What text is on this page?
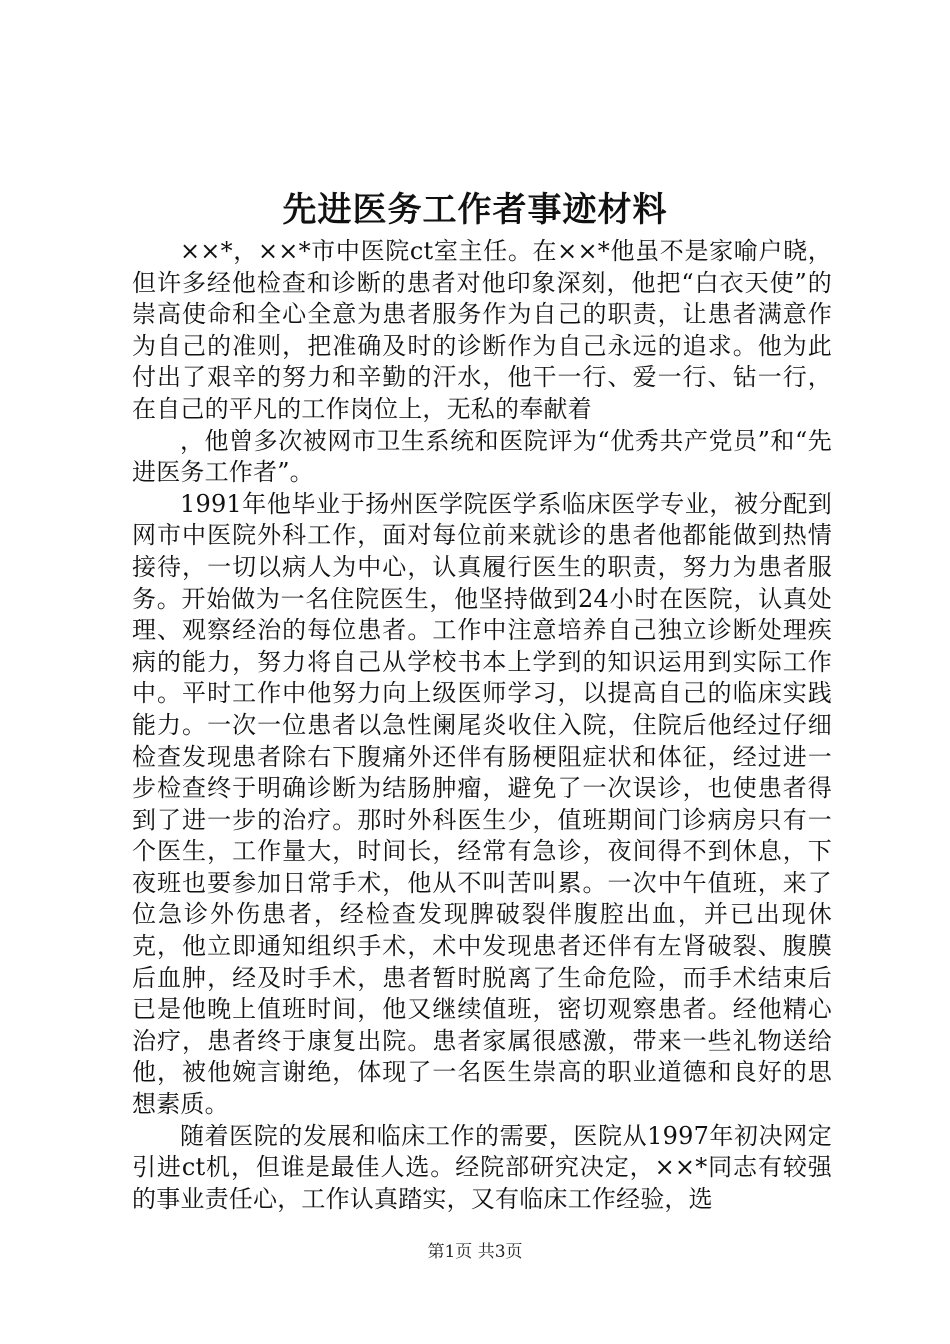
先进医务工作者事迹材料

××*，××*市中医院ct室主任。在××*他虽不是家喻户晓，但许多经他检查和诊断的患者对他印象深刻，他把“白衣天使”的崇高使命和全心全意为患者服务作为自己的职责，让患者满意作为自己的准则，把准确及时的诊断作为自己永远的追求。他为此付出了艰辛的努力和辛勤的汗水，他干一行、爱一行、钻一行，在自己的平凡的工作岗位上，无私的奉献着

，他曾多次被网市卫生系统和医院评为“优秀共产党员”和“先进医务工作者”。

1991年他毕业于扬州医学院医学系临床医学专业，被分配到网市中医院外科工作，面对每位前来就诊的患者他都能做到热情接待，一切以病人为中心，认真履行医生的职责，努力为患者服务。开始做为一名住院医生，他坚持做到24小时在医院，认真处理、观察经治的每位患者。工作中注意培养自己独立诊断处理疾病的能力，努力将自己从学校书本上学到的知识运用到实际工作中。平时工作中他努力向上级医师学习，以提高自己的临床实践能力。一次一位患者以急性阑尾炎收住入院，住院后他经过仔细检查发现患者除右下腹痛外还伴有肠梗阻症状和体征，经过进一步检查终于明确诊断为结肠肿瘤，避免了一次误诊，也使患者得到了进一步的治疗。那时外科医生少，值班期间门诊病房只有一个医生，工作量大，时间长，经常有急诊，夜间得不到休息，下夜班也要参加日常手术，他从不叫苦叫累。一次中午值班，来了位急诊外伤患者，经检查发现脾破裂伴腹腔出血，并已出现休克，他立即通知组织手术，术中发现患者还伴有左肾破裂、腹膜后血肿，经及时手术，患者暂时脱离了生命危险，而手术结束后已是他晚上值班时间，他又继续值班，密切观察患者。经他精心治疗，患者终于康复出院。患者家属很感激，带来一些礼物送给他，被他婉言谢绝，体现了一名医生崇高的职业道德和良好的思想素质。

随着医院的发展和临床工作的需要，医院从1997年初决网定引进ct机，但谁是最佳人选。经院部研究决定，××*同志有较强的事业责任心，工作认真踏实，又有临床工作经验，选

第1页 共3页
